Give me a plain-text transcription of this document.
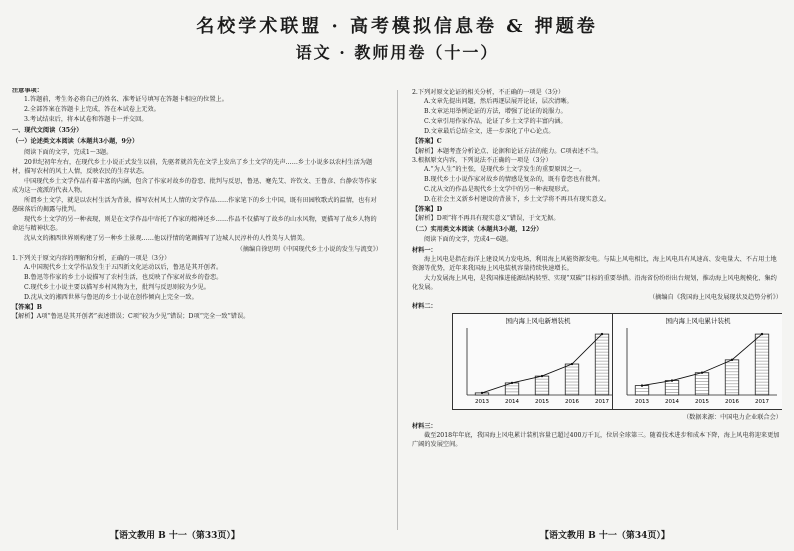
名校学术联盟 · 高考模拟信息卷 & 押题卷
语文 · 教师用卷（十一）
注意事项：
1.答题前，考生务必将自己的姓名、准考证号填写在答题卡相应的位置上。
2.全部答案在答题卡上完成，答在本试卷上无效。
3.考试结束后，将本试卷和答题卡一并交回。
一、现代文阅读（35分）
（一）论述类文本阅读（本题共3小题，9分）
阅读下面的文字，完成1～3题。
20世纪初年左右，在现代乡土小说正式发生以前，先驱者就首先在文学上发出了乡土文学的先声……乡土小说多以农村生活为题材，描写农村的风土人情，反映农民的生存状态。
中国现代乡土文学作品有着丰富的内涵，包含了作家对故乡的眷恋、批判与反思，鲁迅、蹇先艾、许钦文、王鲁彦、台静农等作家成为这一流派的代表人物。
所谓乡土文学，就是以农村生活为背景，描写农村风土人情的文学作品……作家笔下的乡土中国，既有田园牧歌式的温情，也有对愚昧落后的揭露与批判。
现代乡土文学的另一种表现，则是在文学作品中寄托了作家的精神还乡……作品不仅描写了故乡的山水风物，更描写了故乡人物的命运与精神状态。
沈从文的湘西世界则构建了另一种乡土景观……他以抒情的笔调描写了边城人民淳朴的人性美与人情美。
（摘编自徐思明《中国现代乡土小说的发生与流变》）
1.下列关于原文内容的理解和分析，正确的一项是（3分）
A.中国现代乡土文学作品发生于五四新文化运动以后，鲁迅是其开创者。
B.鲁迅等作家的乡土小说描写了农村生活，也反映了作家对故乡的眷恋。
C.现代乡土小说主要以描写乡村风物为主，批判与反思则较为少见。
D.沈从文的湘西世界与鲁迅的乡土小说在创作倾向上完全一致。
【答案】B
【解析】A项“鲁迅是其开创者”表述错误；C项“较为少见”错误；D项“完全一致”错误。
2.下列对原文论证的相关分析，不正确的一项是（3分）
A.文章先提出问题，然后再逐层展开论证，层次清晰。
B.文章运用举例论证的方法，增强了论证的说服力。
C.文章引用作家作品，论证了乡土文学的丰富内涵。
D.文章最后总结全文，进一步深化了中心论点。
【答案】C
【解析】本题考查分析论点、论据和论证方法的能力。C项表述不当。
3.根据原文内容，下列说法不正确的一项是（3分）
A.“为人生”的主张，是现代乡土文学发生的重要原因之一。
B.现代乡土小说作家对故乡的情感是复杂的，既有眷恋也有批判。
C.沈从文的作品是现代乡土文学中的另一种表现形式。
D.在社会主义新乡村建设的背景下，乡土文学将不再具有现实意义。
【答案】D
【解析】D项“将不再具有现实意义”错误，于文无据。
（二）实用类文本阅读（本题共3小题，12分）
阅读下面的文字，完成4～6题。
材料一：
海上风电是指在海洋上建设风力发电场，利用海上风能资源发电。与陆上风电相比，海上风电具有风速高、发电量大、不占用土地资源等优势，近年来我国海上风电装机容量持续快速增长。
大力发展海上风电，是我国推进能源结构转型、实现“双碳”目标的重要举措。沿海省份纷纷出台规划，推动海上风电规模化、集约化发展。
（摘编自《我国海上风电发展现状及趋势分析》）
材料二：
国内海上风电新增装机
2013	2014	2015	2016	2017
国内海上风电累计装机
2013	2014	2015	2016	2017
（数据来源：中国电力企业联合会）
材料三：
截至2018年年底，我国海上风电累计装机容量已超过400万千瓦，位居全球第三。随着技术进步和成本下降，海上风电将迎来更加广阔的发展空间。
【语文教用 B 十一（第33页）】	【语文教用 B 十一（第34页）】
